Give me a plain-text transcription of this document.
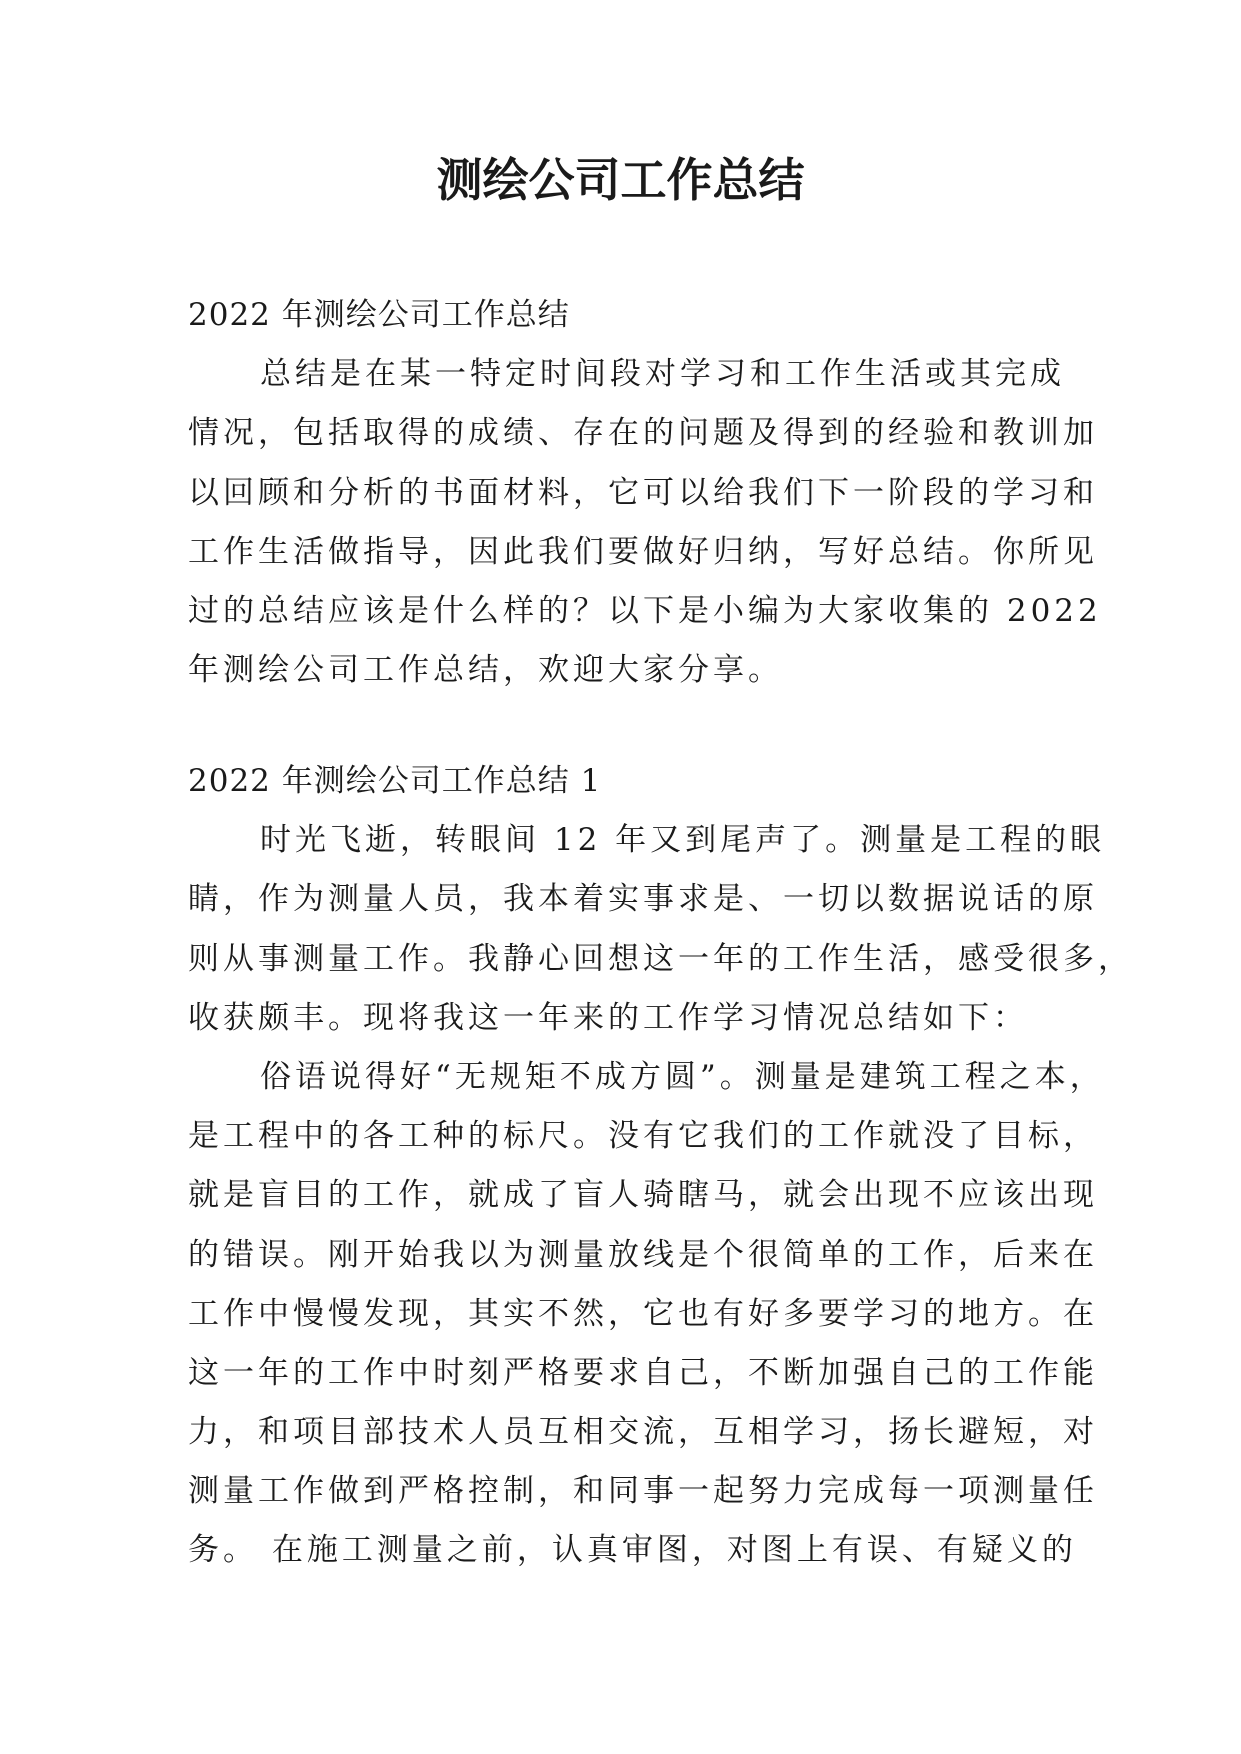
测绘公司工作总结
2022 年测绘公司工作总结
总结是在某一特定时间段对学习和工作生活或其完成
情况，包括取得的成绩、存在的问题及得到的经验和教训加
以回顾和分析的书面材料，它可以给我们下一阶段的学习和
工作生活做指导，因此我们要做好归纳，写好总结。你所见
过的总结应该是什么样的？以下是小编为大家收集的 2022
年测绘公司工作总结，欢迎大家分享。
2022 年测绘公司工作总结 1
时光飞逝，转眼间 12 年又到尾声了。测量是工程的眼
睛，作为测量人员，我本着实事求是、一切以数据说话的原
则从事测量工作。我静心回想这一年的工作生活，感受很多，
收获颇丰。现将我这一年来的工作学习情况总结如下：
俗语说得好“无规矩不成方圆”。测量是建筑工程之本，
是工程中的各工种的标尺。没有它我们的工作就没了目标，
就是盲目的工作，就成了盲人骑瞎马，就会出现不应该出现
的错误。刚开始我以为测量放线是个很简单的工作，后来在
工作中慢慢发现，其实不然，它也有好多要学习的地方。在
这一年的工作中时刻严格要求自己，不断加强自己的工作能
力，和项目部技术人员互相交流，互相学习，扬长避短，对
测量工作做到严格控制，和同事一起努力完成每一项测量任
务。 在施工测量之前，认真审图，对图上有误、有疑义的
